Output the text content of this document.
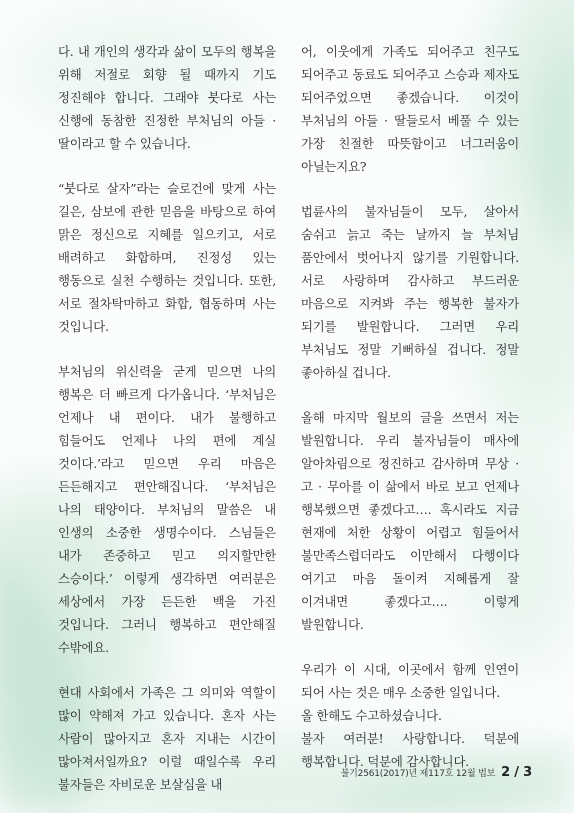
다. 내 개인의 생각과 삶이 모두의 행복을 위해 저절로 회향 될 때까지 기도 정진해야 합니다. 그래야 붓다로 사는 신행에 동참한 진정한 부처님의 아들 · 딸이라고 할 수 있습니다.

“붓다로 살자”라는 슬로건에 맞게 사는 길은, 삼보에 관한 믿음을 바탕으로 하여 맑은 정신으로 지혜를 일으키고, 서로 배려하고 화합하며, 진정성 있는 행동으로 실천 수행하는 것입니다. 또한, 서로 절차탁마하고 화합, 협동하며 사는 것입니다.

부처님의 위신력을 굳게 믿으면 나의 행복은 더 빠르게 다가옵니다. ‘부처님은 언제나 내 편이다. 내가 불행하고 힘들어도 언제나 나의 편에 계실 것이다.’라고 믿으면 우리 마음은 든든해지고 편안해집니다. ‘부처님은 나의 태양이다. 부처님의 말씀은 내 인생의 소중한 생명수이다. 스님들은 내가 존중하고 믿고 의지할만한 스승이다.’ 이렇게 생각하면 여러분은 세상에서 가장 든든한 백을 가진 것입니다. 그러니 행복하고 편안해질 수밖에요.

현대 사회에서 가족은 그 의미와 역할이 많이 약해져 가고 있습니다. 혼자 사는 사람이 많아지고 혼자 지내는 시간이 많아져서일까요? 이럴 때일수록 우리 불자들은 자비로운 보살심을 내

어, 이웃에게 가족도 되어주고 친구도 되어주고 동료도 되어주고 스승과 제자도 되어주었으면 좋겠습니다. 이것이 부처님의 아들 · 딸들로서 베풀 수 있는 가장 친절한 따뜻함이고 너그러움이 아닐는지요?

법륜사의 불자님들이 모두, 살아서 숨쉬고 늙고 죽는 날까지 늘 부처님 품안에서 벗어나지 않기를 기원합니다. 서로 사랑하며 감사하고 부드러운 마음으로 지켜봐 주는 행복한 불자가 되기를 발원합니다. 그러면 우리 부처님도 정말 기뻐하실 겁니다. 정말 좋아하실 겁니다.

올해 마지막 월보의 글을 쓰면서 저는 발원합니다. 우리 불자님들이 매사에 알아차림으로 정진하고 감사하며 무상 · 고 · 무아를 이 삶에서 바로 보고 언제나 행복했으면 좋겠다고…. 혹시라도 지금 현재에 처한 상황이 어렵고 힘들어서 불만족스럽더라도 이만해서 다행이다 여기고 마음 돌이켜 지혜롭게 잘 이겨내면 좋겠다고…. 이렇게 발원합니다.

우리가 이 시대, 이곳에서 함께 인연이 되어 사는 것은 매우 소중한 일입니다.

올 한해도 수고하셨습니다.

불자 여러분! 사랑합니다. 덕분에 행복합니다. 덕분에 감사합니다.

불기2561(2017)년 제117호 12월 법보 2 / 3
